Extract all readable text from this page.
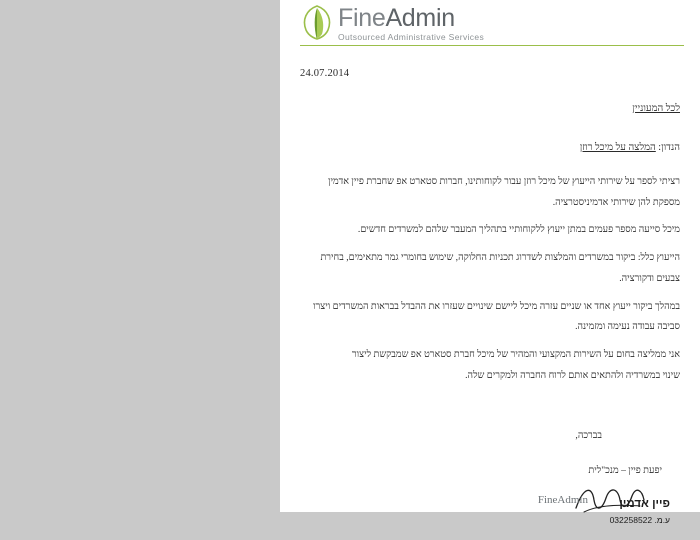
FineAdmin
Outsourced Administrative Services
24.07.2014
לכל המעוניין
הנדון: המלצה על מיכל רוזן

רציתי לספר על שירותי הייעוץ של מיכל רוזן עבור לקוחותינו, חברות סטארט אפ שחברת פיין אדמין

מספקת להן שירותי אדמיניסטרציה.

מיכל סייעה מספר פעמים במתן ייעוץ ללקוחותיי בתהליך המעבר שלהם למשרדים חדשים.

הייעוץ כלל: ביקור במשרדים והמלצות לשדרוג תכניות החלוקה, שימוש בחומרי גמר מתאימים, בחירת

צבעים ודקורציה.

במהלך ביקור ייעוץ אחד או שניים עזרה מיכל ליישם שינויים שעזרו את ההבדל בבראות המשרדים ויצרו

סביבה עבודה נעימה ומזמינה.

אני ממליצה בחום על השירות המקצועי והמהיר של מיכל חברת סטארט אפ שמבקשת ליצור

שינוי במשרדיה ולהתאים אותם לרוח החברה ולמקרים שלה.

בברכה,
יפעת פיין – מנכ"לית
FineAdmin	פיין אדמין
ע.מ. 032258522
